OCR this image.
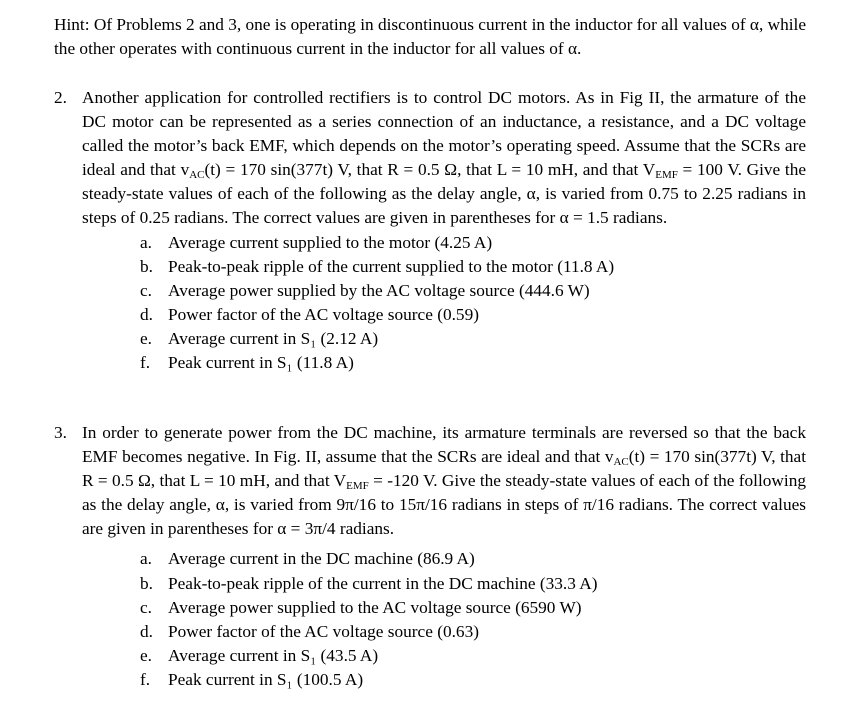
Hint: Of Problems 2 and 3, one is operating in discontinuous current in the inductor for all values of α, while the other operates with continuous current in the inductor for all values of α.
2. Another application for controlled rectifiers is to control DC motors. As in Fig II, the armature of the DC motor can be represented as a series connection of an inductance, a resistance, and a DC voltage called the motor’s back EMF, which depends on the motor’s operating speed. Assume that the SCRs are ideal and that $v_{AC}(t) = 170$ sin(377t) V, that R = 0.5 Ω, that L = 10 mH, and that $V_{EMF} = 100$ V. Give the steady-state values of each of the following as the delay angle, α, is varied from 0.75 to 2.25 radians in steps of 0.25 radians. The correct values are given in parentheses for α = 1.5 radians.
a. Average current supplied to the motor (4.25 A)
b. Peak-to-peak ripple of the current supplied to the motor (11.8 A)
c. Average power supplied by the AC voltage source (444.6 W)
d. Power factor of the AC voltage source (0.59)
e. Average current in S₁ (2.12 A)
f. Peak current in S₁ (11.8 A)
3. In order to generate power from the DC machine, its armature terminals are reversed so that the back EMF becomes negative. In Fig. II, assume that the SCRs are ideal and that $v_{AC}(t) = 170$ sin(377t) V, that R = 0.5 Ω, that L = 10 mH, and that $V_{EMF} = -120$ V. Give the steady-state values of each of the following as the delay angle, α, is varied from 9π/16 to 15π/16 radians in steps of π/16 radians. The correct values are given in parentheses for α = 3π/4 radians.
a. Average current in the DC machine (86.9 A)
b. Peak-to-peak ripple of the current in the DC machine (33.3 A)
c. Average power supplied to the AC voltage source (6590 W)
d. Power factor of the AC voltage source (0.63)
e. Average current in S₁ (43.5 A)
f. Peak current in S₁ (100.5 A)
